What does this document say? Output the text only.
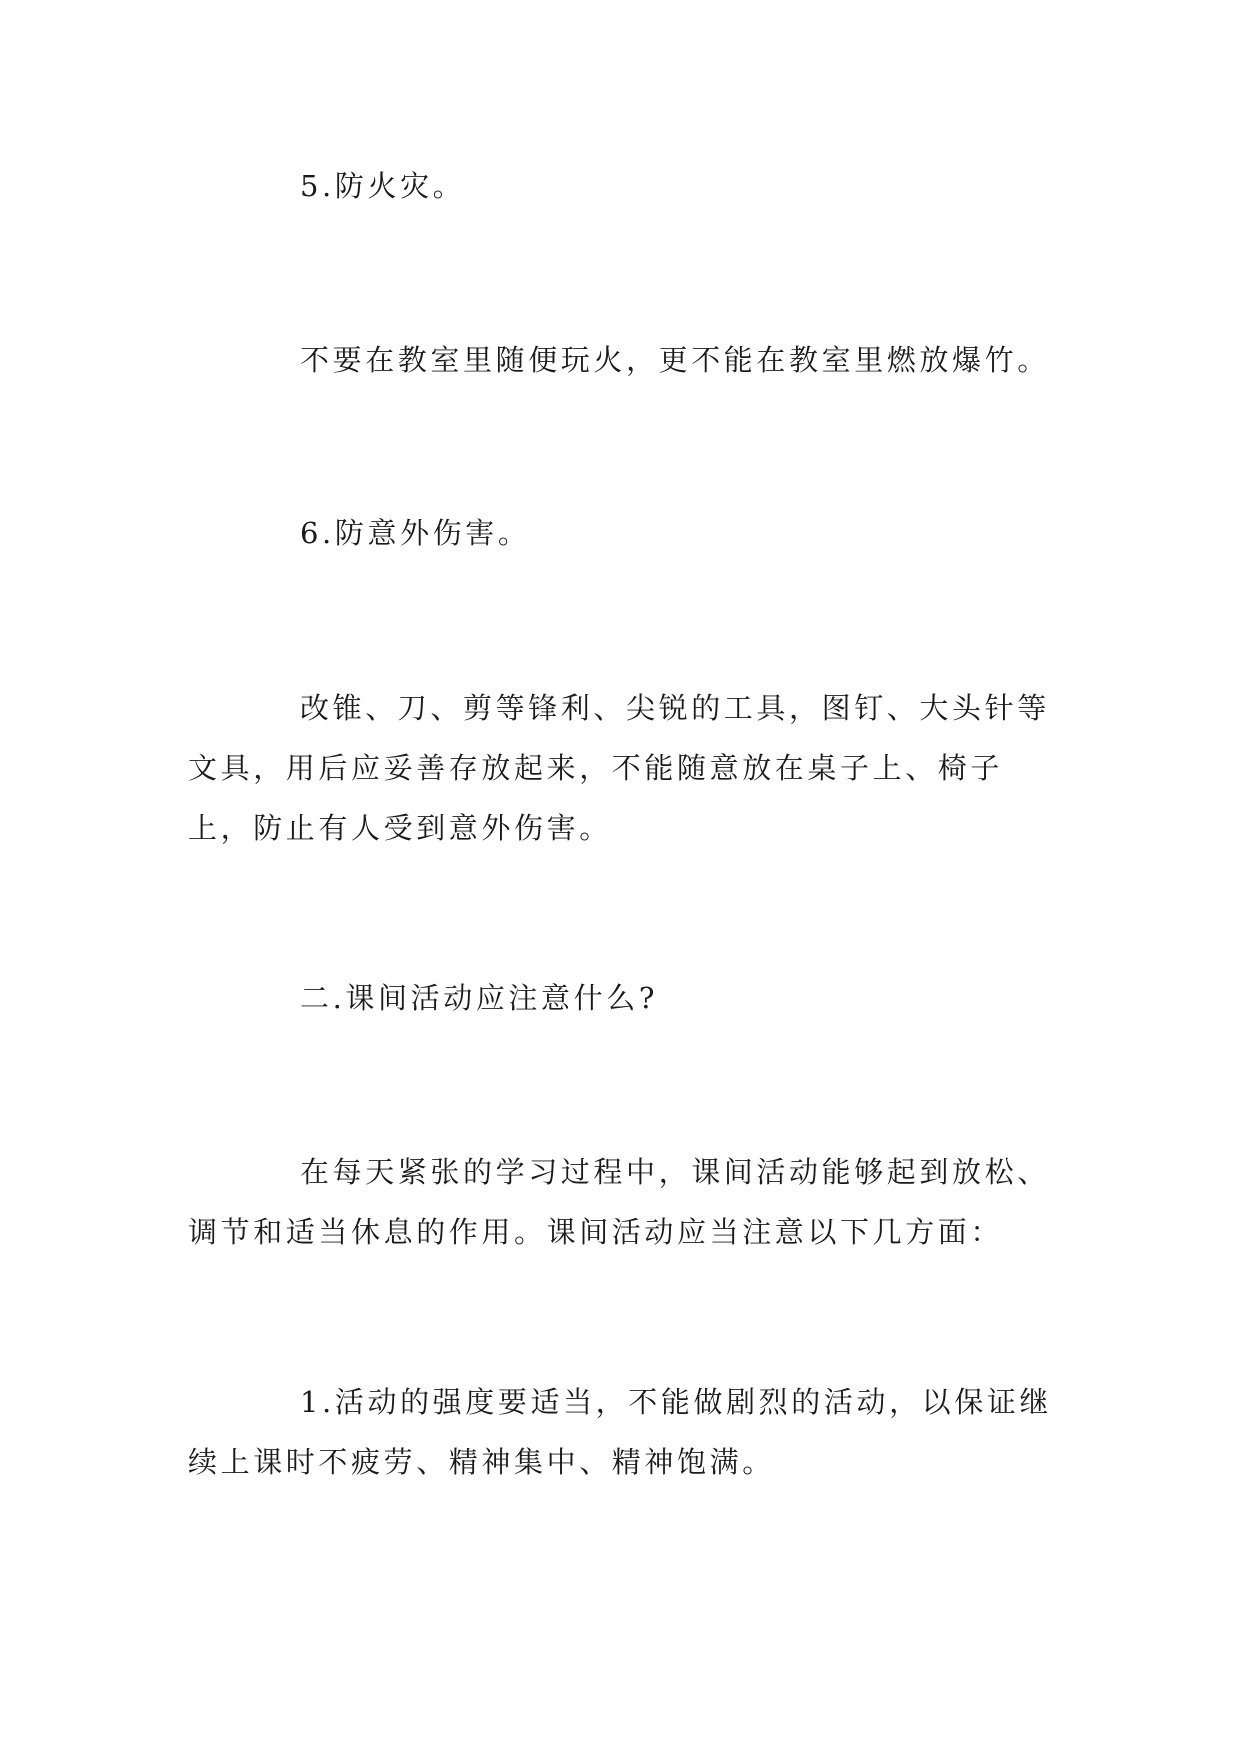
5.防火灾。

不要在教室里随便玩火，更不能在教室里燃放爆竹。

6.防意外伤害。

改锥、刀、剪等锋利、尖锐的工具，图钉、大头针等文具，用后应妥善存放起来，不能随意放在桌子上、椅子上，防止有人受到意外伤害。

二.课间活动应注意什么?

在每天紧张的学习过程中，课间活动能够起到放松、调节和适当休息的作用。课间活动应当注意以下几方面：

1.活动的强度要适当，不能做剧烈的活动，以保证继续上课时不疲劳、精神集中、精神饱满。
